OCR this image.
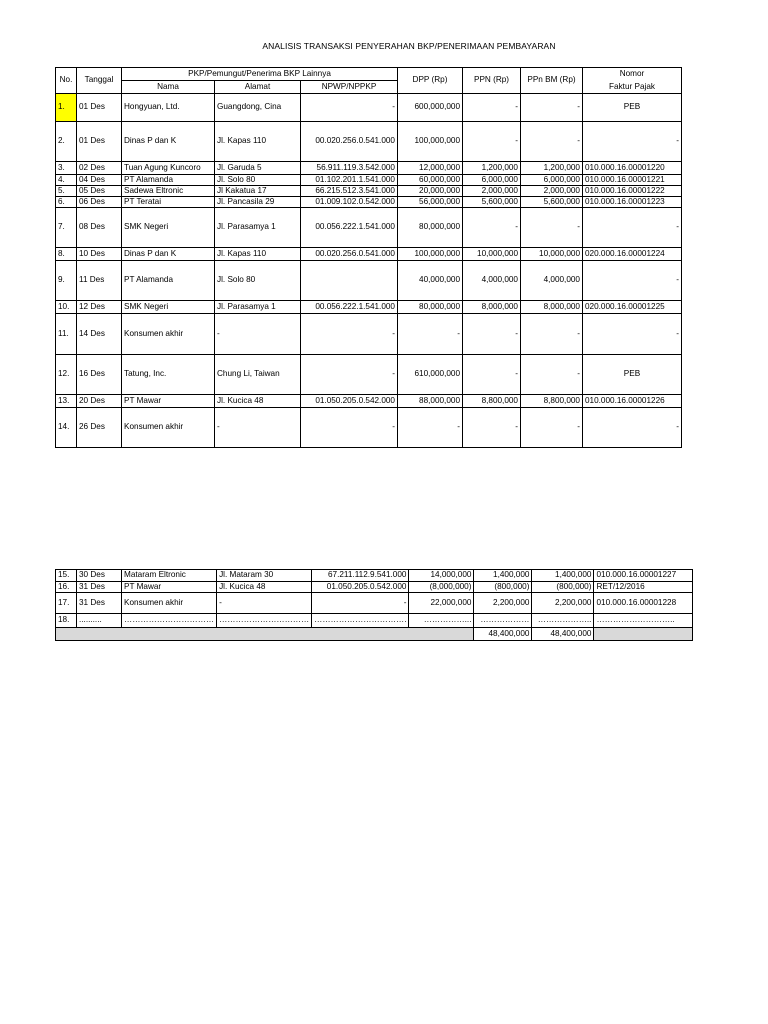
ANALISIS TRANSAKSI PENYERAHAN BKP/PENERIMAAN PEMBAYARAN
No.	Tanggal	PKP/Pemungut/Penerima BKP Lainnya			DPP (Rp)	PPN (Rp)	PPn BM (Rp)	Nomor
		Nama	Alamat	NPWP/NPPKP				Faktur Pajak
1.	01 Des	Hongyuan, Ltd.	Guangdong, Cina	-	600,000,000	-	-	PEB
2.	01 Des	Dinas P dan K	Jl. Kapas 110	00.020.256.0.541.000	100,000,000	-	-	-
3.	02 Des	Tuan Agung Kuncoro	Jl. Garuda 5	56.911.119.3.542.000	12,000,000	1,200,000	1,200,000	010.000.16.00001220
4.	04 Des	PT Alamanda	Jl. Solo 80	01.102.201.1.541.000	60,000,000	6,000,000	6,000,000	010.000.16.00001221
5.	05 Des	Sadewa Eltronic	Jl Kakatua 17	66.215.512.3.541.000	20,000,000	2,000,000	2,000,000	010.000.16.00001222
6.	06 Des	PT Teratai	Jl. Pancasila 29	01.009.102.0.542.000	56,000,000	5,600,000	5,600,000	010.000.16.00001223
7.	08 Des	SMK Negeri	Jl. Parasamya 1	00.056.222.1.541.000	80,000,000	-	-	-
8.	10 Des	Dinas P dan K	Jl. Kapas 110	00.020.256.0.541.000	100,000,000	10,000,000	10,000,000	020.000.16.00001224
9.	11 Des	PT Alamanda	Jl. Solo 80		40,000,000	4,000,000	4,000,000	-
10.	12 Des	SMK Negeri	Jl. Parasamya 1	00.056.222.1.541.000	80,000,000	8,000,000	8,000,000	020.000.16.00001225
11.	14 Des	Konsumen akhir	-	-	-	-	-	-
12.	16 Des	Tatung, Inc.	Chung Li, Taiwan	-	610,000,000	-	-	PEB
13.	20 Des	PT Mawar	Jl. Kucica 48	01.050.205.0.542.000	88,000,000	8,800,000	8,800,000	010.000.16.00001226
14.	26 Des	Konsumen akhir	-	-	-	-	-	-
15.	30 Des	Mataram Eltronic	Jl. Mataram 30	67.211.112.9.541.000	14,000,000	1,400,000	1,400,000	010.000.16.00001227
16.	31 Des	PT Mawar	Jl. Kucica 48	01.050.205.0.542.000	(8,000,000)	(800,000)	(800,000)	RET/12/2016
17.	31 Des	Konsumen akhir	-	-	22,000,000	2,200,000	2,200,000	010.000.16.00001228
18.	..........	……………………………	……………………………	…………………………….	……………...	………………	………………..	………………………..
						48,400,000	48,400,000	
